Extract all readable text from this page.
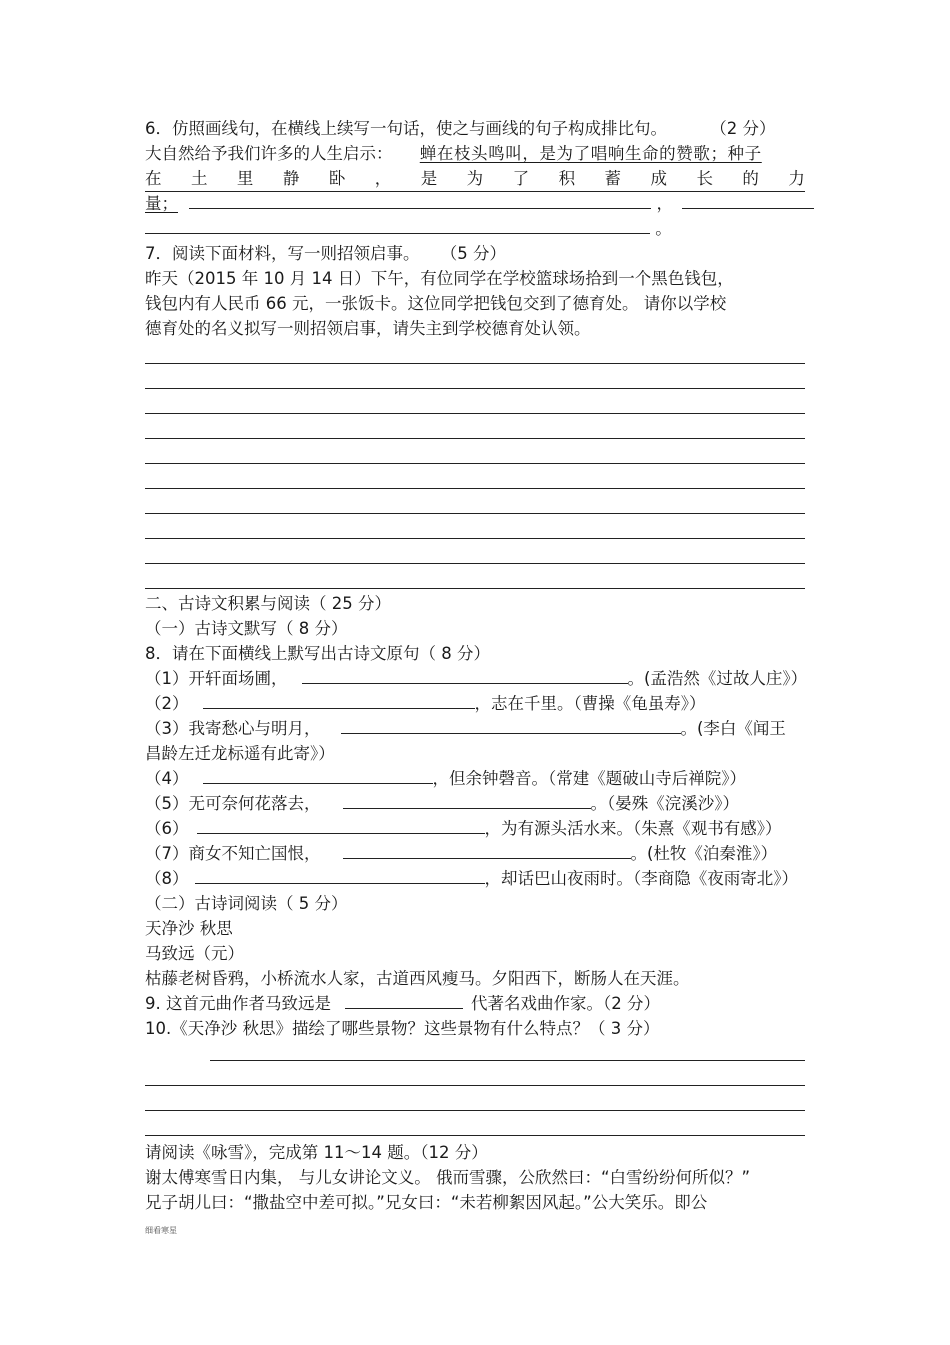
6．仿照画线句，在横线上续写一句话，使之与画线的句子构成排比句。	（2 分）
大自然给予我们许多的人生启示： 蝉在枝头鸣叫，是为了唱响生命的赞歌；种子
在 土 里 静 卧 ， 是 为 了 积 蓄 成 长 的 力
量；	，
。
7．阅读下面材料，写一则招领启事。 （5 分）
昨天（2015 年 10 月 14 日）下午，有位同学在学校篮球场拾到一个黑色钱包，
钱包内有人民币 66 元，一张饭卡。这位同学把钱包交到了德育处。 请你以学校
德育处的名义拟写一则招领启事，请失主到学校德育处认领。
二、古诗文积累与阅读（ 25 分）
（一）古诗文默写（ 8 分）
8．请在下面横线上默写出古诗文原句（ 8 分）
（1）开轩面场圃，	。(孟浩然《过故人庄》）
（2）	，志在千里。（曹操《龟虽寿》）
（3）我寄愁心与明月，	。(李白《闻王
昌龄左迁龙标遥有此寄》）
（4）	，但余钟磬音。（常建《题破山寺后禅院》）
（5）无可奈何花落去，	。（晏殊《浣溪沙》）
（6）	，为有源头活水来。（朱熹《观书有感》）
（7）商女不知亡国恨，	。(杜牧《泊秦淮》）
（8）	，却话巴山夜雨时。（李商隐《夜雨寄北》）
（二）古诗词阅读（ 5 分）
天净沙 秋思
马致远（元）
枯藤老树昏鸦，小桥流水人家，古道西风瘦马。夕阳西下，断肠人在天涯。
9. 这首元曲作者马致远是	代著名戏曲作家。（2 分）
10.《天净沙 秋思》描绘了哪些景物？这些景物有什么特点？（ 3 分）
请阅读《咏雪》，完成第 11～14 题。（12 分）
谢太傅寒雪日内集， 与儿女讲论文义。 俄而雪骤，公欣然曰：“白雪纷纷何所似？”
兄子胡儿曰：“撒盐空中差可拟。”兄女曰：“未若柳絮因风起。”公大笑乐。即公
细看寒星
